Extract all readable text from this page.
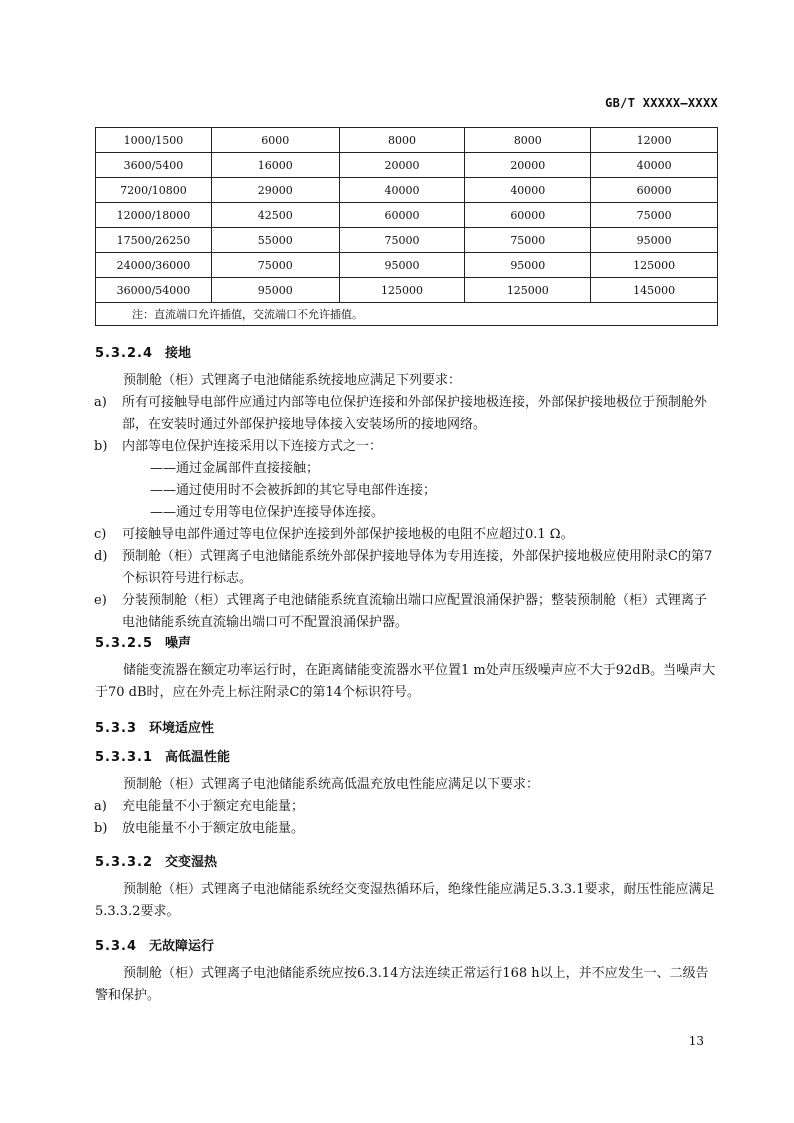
GB/T XXXXX—XXXX
1000/1500	6000	8000	8000	12000
3600/5400	16000	20000	20000	40000
7200/10800	29000	40000	40000	60000
12000/18000	42500	60000	60000	75000
17500/26250	55000	75000	75000	95000
24000/36000	75000	95000	95000	125000
36000/54000	95000	125000	125000	145000
注：直流端口允许插值，交流端口不允许插值。				
5.3.2.4 接地
预制舱（柜）式锂离子电池储能系统接地应满足下列要求：
a) 所有可接触导电部件应通过内部等电位保护连接和外部保护接地极连接，外部保护接地极位于预制舱外部，在安装时通过外部保护接地导体接入安装场所的接地网络。
b) 内部等电位保护连接采用以下连接方式之一：
——通过金属部件直接接触；
——通过使用时不会被拆卸的其它导电部件连接；
——通过专用等电位保护连接导体连接。
c) 可接触导电部件通过等电位保护连接到外部保护接地极的电阻不应超过0.1 Ω。
d) 预制舱（柜）式锂离子电池储能系统外部保护接地导体为专用连接，外部保护接地极应使用附录C的第7个标识符号进行标志。
e) 分装预制舱（柜）式锂离子电池储能系统直流输出端口应配置浪涌保护器；整装预制舱（柜）式锂离子电池储能系统直流输出端口可不配置浪涌保护器。
5.3.2.5 噪声
储能变流器在额定功率运行时，在距离储能变流器水平位置1 m处声压级噪声应不大于92dB。当噪声大于70 dB时，应在外壳上标注附录C的第14个标识符号。
5.3.3 环境适应性
5.3.3.1 高低温性能
预制舱（柜）式锂离子电池储能系统高低温充放电性能应满足以下要求：
a) 充电能量不小于额定充电能量；
b) 放电能量不小于额定放电能量。
5.3.3.2 交变湿热
预制舱（柜）式锂离子电池储能系统经交变湿热循环后，绝缘性能应满足5.3.3.1要求，耐压性能应满足5.3.3.2要求。
5.3.4 无故障运行
预制舱（柜）式锂离子电池储能系统应按6.3.14方法连续正常运行168 h以上，并不应发生一、二级告警和保护。
13
